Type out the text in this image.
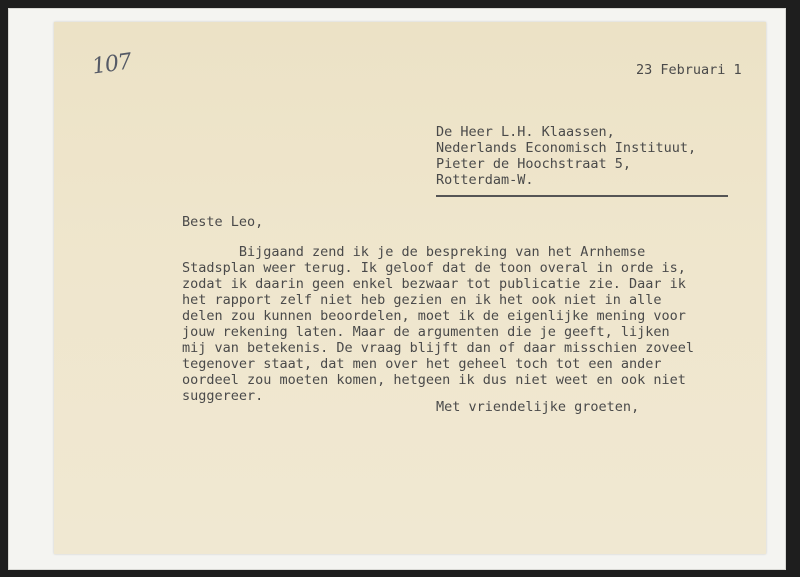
107	23 Februari 1
De Heer L.H. Klaassen,
Nederlands Economisch Instituut,
Pieter de Hoochstraat 5,
Rotterdam-W.
Beste Leo,
Bijgaand zend ik je de bespreking van het Arnhemse
Stadsplan weer terug. Ik geloof dat de toon overal in orde is,
zodat ik daarin geen enkel bezwaar tot publicatie zie. Daar ik
het rapport zelf niet heb gezien en ik het ook niet in alle
delen zou kunnen beoordelen, moet ik de eigenlijke mening voor
jouw rekening laten. Maar de argumenten die je geeft, lijken
mij van betekenis. De vraag blijft dan of daar misschien zoveel
tegenover staat, dat men over het geheel toch tot een ander
oordeel zou moeten komen, hetgeen ik dus niet weet en ook niet
suggereer.
Met vriendelijke groeten,
